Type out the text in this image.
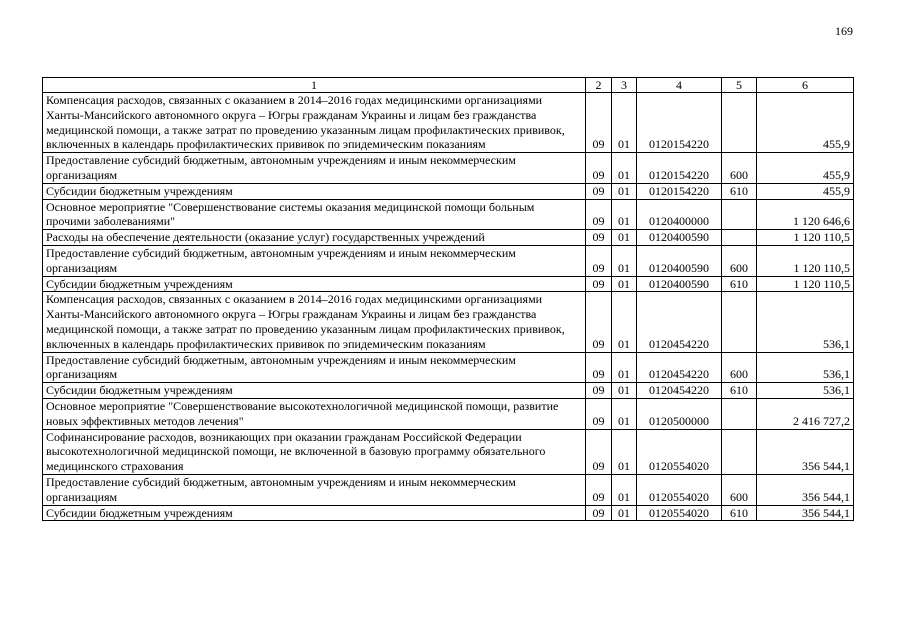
169
1	2	3	4	5	6
Компенсация расходов, связанных с оказанием в 2014–2016 годах медицинскими организациями Ханты-Мансийского автономного округа – Югры гражданам Украины и лицам без гражданства медицинской помощи, а также затрат по проведению указанным лицам профилактических прививок, включенных в календарь профилактических прививок по эпидемическим показаниям	09	01	0120154220		455,9
Предоставление субсидий бюджетным, автономным учреждениям и иным некоммерческим организациям	09	01	0120154220	600	455,9
Субсидии бюджетным учреждениям	09	01	0120154220	610	455,9
Основное мероприятие "Совершенствование системы оказания медицинской помощи больным прочими заболеваниями"	09	01	0120400000		1 120 646,6
Расходы на обеспечение деятельности (оказание услуг) государственных учреждений	09	01	0120400590		1 120 110,5
Предоставление субсидий бюджетным, автономным учреждениям и иным некоммерческим организациям	09	01	0120400590	600	1 120 110,5
Субсидии бюджетным учреждениям	09	01	0120400590	610	1 120 110,5
Компенсация расходов, связанных с оказанием в 2014–2016 годах медицинскими организациями Ханты-Мансийского автономного округа – Югры гражданам Украины и лицам без гражданства медицинской помощи, а также затрат по проведению указанным лицам профилактических прививок, включенных в календарь профилактических прививок по эпидемическим показаниям	09	01	0120454220		536,1
Предоставление субсидий бюджетным, автономным учреждениям и иным некоммерческим организациям	09	01	0120454220	600	536,1
Субсидии бюджетным учреждениям	09	01	0120454220	610	536,1
Основное мероприятие "Совершенствование высокотехнологичной медицинской помощи, развитие новых эффективных методов лечения"	09	01	0120500000		2 416 727,2
Софинансирование расходов, возникающих при оказании гражданам Российской Федерации высокотехнологичной медицинской помощи, не включенной в базовую программу обязательного медицинского страхования	09	01	0120554020		356 544,1
Предоставление субсидий бюджетным, автономным учреждениям и иным некоммерческим организациям	09	01	0120554020	600	356 544,1
Субсидии бюджетным учреждениям	09	01	0120554020	610	356 544,1
